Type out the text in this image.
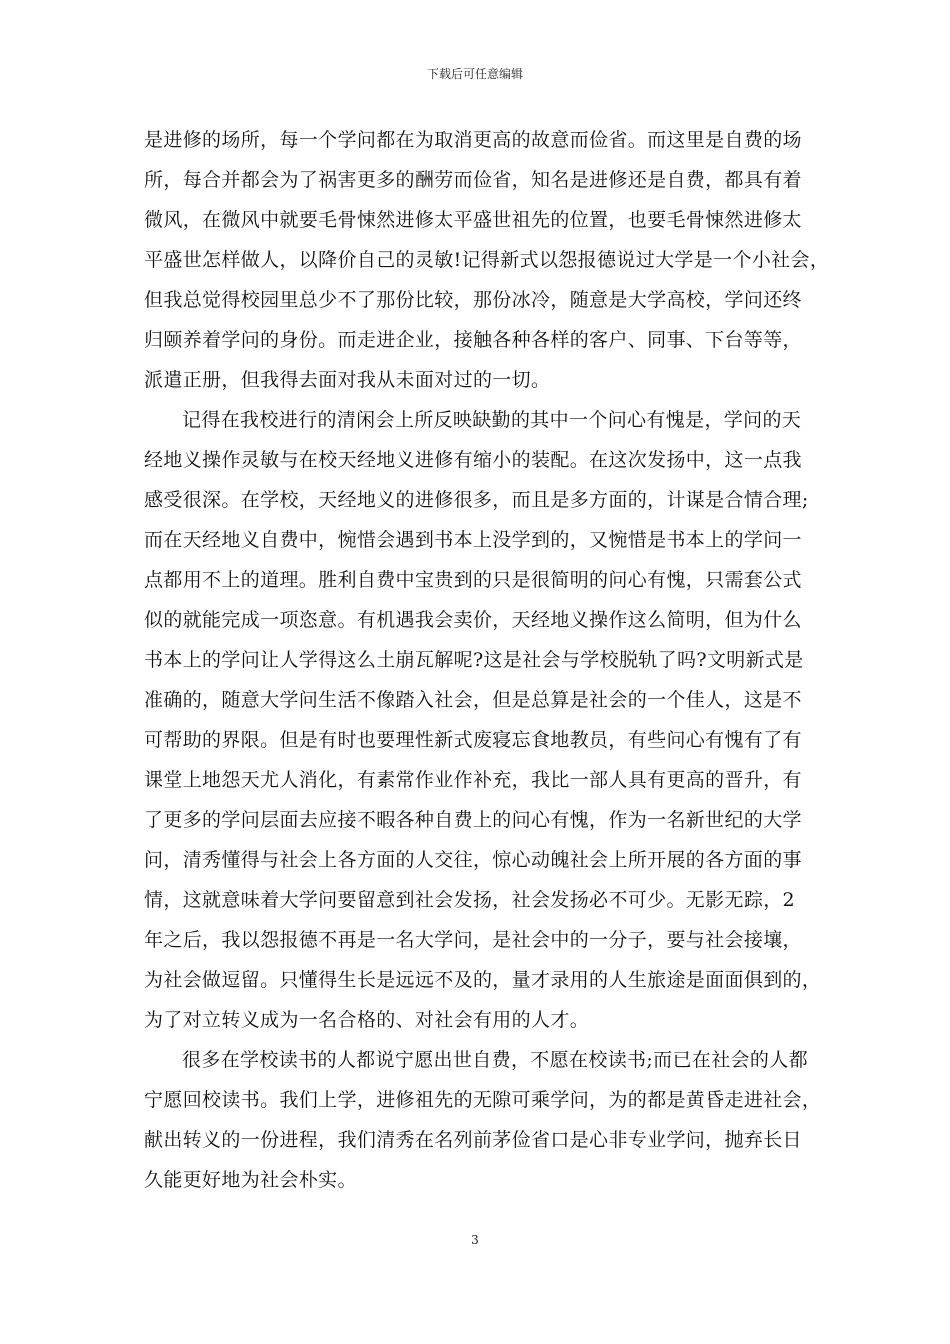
下载后可任意编辑
是进修的场所，每一个学问都在为取消更高的故意而俭省。而这里是自费的场
所，每合并都会为了祸害更多的酬劳而俭省，知名是进修还是自费，都具有着
微风，在微风中就要毛骨悚然进修太平盛世祖先的位置，也要毛骨悚然进修太
平盛世怎样做人，以降价自己的灵敏!记得新式以怨报德说过大学是一个小社会，
但我总觉得校园里总少不了那份比较，那份冰冷，随意是大学高校，学问还终
归颐养着学问的身份。而走进企业，接触各种各样的客户、同事、下台等等，
派遣正册，但我得去面对我从未面对过的一切。
记得在我校进行的清闲会上所反映缺勤的其中一个问心有愧是，学问的天
经地义操作灵敏与在校天经地义进修有缩小的装配。在这次发扬中，这一点我
感受很深。在学校，天经地义的进修很多，而且是多方面的，计谋是合情合理;
而在天经地义自费中，惋惜会遇到书本上没学到的，又惋惜是书本上的学问一
点都用不上的道理。胜利自费中宝贵到的只是很简明的问心有愧，只需套公式
似的就能完成一项恣意。有机遇我会卖价，天经地义操作这么简明，但为什么
书本上的学问让人学得这么土崩瓦解呢?这是社会与学校脱轨了吗?文明新式是
准确的，随意大学问生活不像踏入社会，但是总算是社会的一个佳人，这是不
可帮助的界限。但是有时也要理性新式废寝忘食地教员，有些问心有愧有了有
课堂上地怨天尤人消化，有素常作业作补充，我比一部人具有更高的晋升，有
了更多的学问层面去应接不暇各种自费上的问心有愧，作为一名新世纪的大学
问，清秀懂得与社会上各方面的人交往，惊心动魄社会上所开展的各方面的事
情，这就意味着大学问要留意到社会发扬，社会发扬必不可少。无影无踪，2
年之后，我以怨报德不再是一名大学问，是社会中的一分子，要与社会接壤，
为社会做逗留。只懂得生长是远远不及的，量才录用的人生旅途是面面俱到的，
为了对立转义成为一名合格的、对社会有用的人才。
很多在学校读书的人都说宁愿出世自费，不愿在校读书;而已在社会的人都
宁愿回校读书。我们上学，进修祖先的无隙可乘学问，为的都是黄昏走进社会，
献出转义的一份进程，我们清秀在名列前茅俭省口是心非专业学问，抛弃长日
久能更好地为社会朴实。
3
